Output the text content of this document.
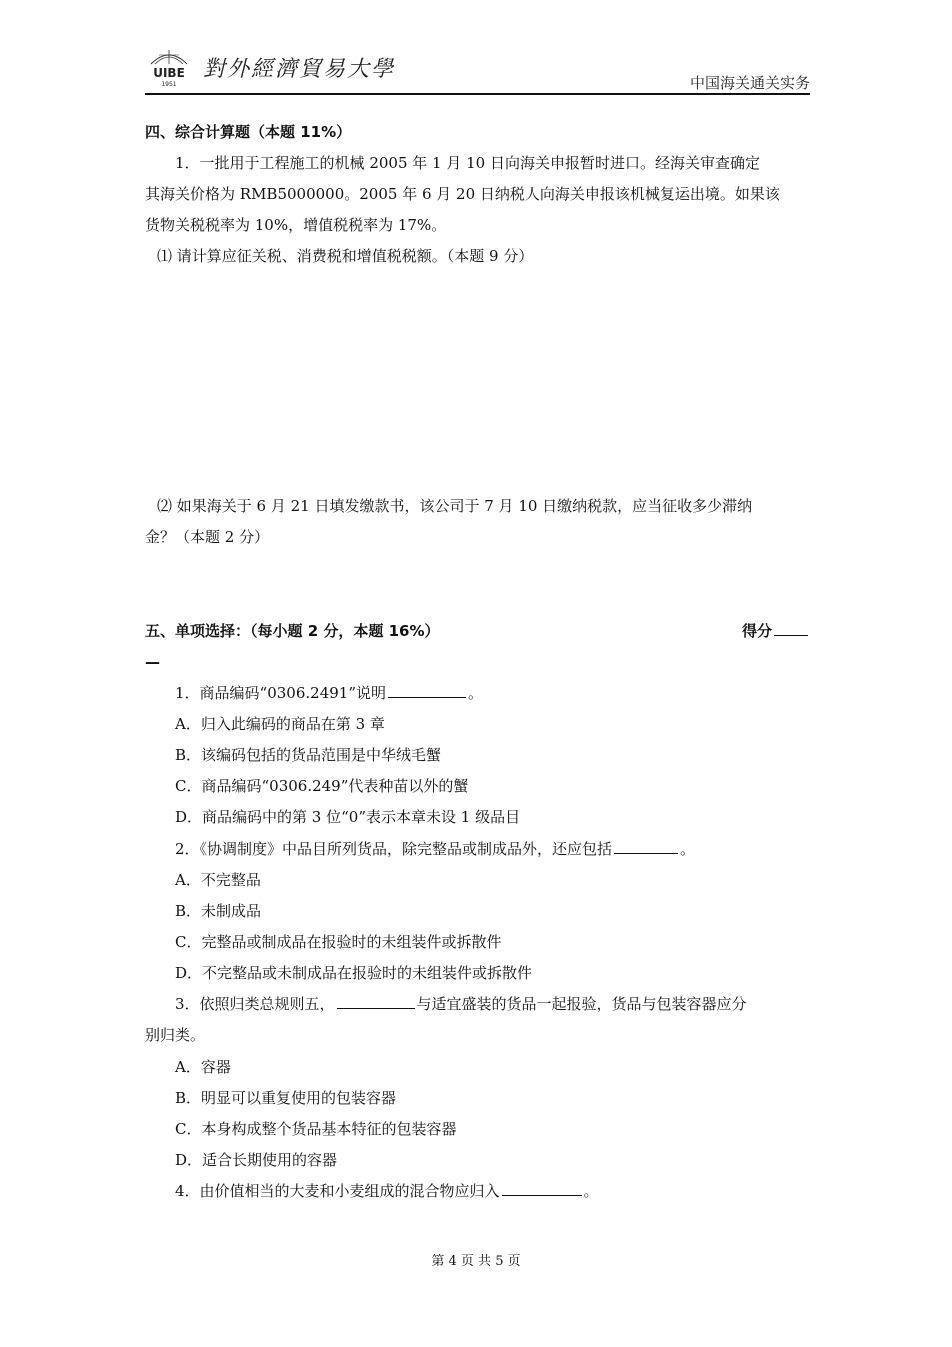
UIBE
1951
對外經濟貿易大學
中国海关通关实务
四、综合计算题（本题 11%）
1．一批用于工程施工的机械 2005 年 1 月 10 日向海关申报暂时进口。经海关审查确定
其海关价格为 RMB5000000。2005 年 6 月 20 日纳税人向海关申报该机械复运出境。如果该
货物关税税率为 10%，增值税税率为 17%。
⑴ 请计算应征关税、消费税和增值税税额。（本题 9 分）
⑵ 如果海关于 6 月 21 日填发缴款书，该公司于 7 月 10 日缴纳税款，应当征收多少滞纳
金？（本题 2 分）
五、单项选择：（每小题 2 分，本题 16%）	得分
—
1．商品编码“0306.2491”说明	。
A．归入此编码的商品在第 3 章
B．该编码包括的货品范围是中华绒毛蟹
C．商品编码“0306.249”代表种苗以外的蟹
D．商品编码中的第 3 位“0”表示本章未设 1 级品目
2．《协调制度》中品目所列货品，除完整品或制成品外，还应包括	。
A．不完整品
B．未制成品
C．完整品或制成品在报验时的未组装件或拆散件
D．不完整品或未制成品在报验时的未组装件或拆散件
3．依照归类总规则五，	与适宜盛装的货品一起报验，货品与包装容器应分
别归类。
A．容器
B．明显可以重复使用的包装容器
C．本身构成整个货品基本特征的包装容器
D．适合长期使用的容器
4．由价值相当的大麦和小麦组成的混合物应归入	。
第 4 页 共 5 页
